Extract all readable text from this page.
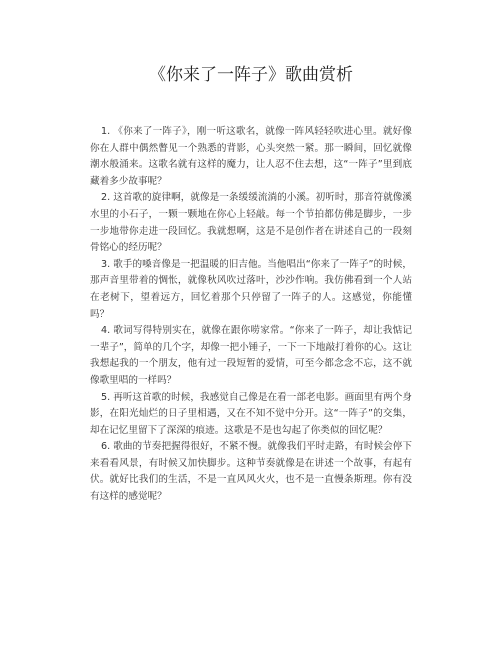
《你来了一阵子》歌曲赏析

1. 《你来了一阵子》，刚一听这歌名，就像一阵风轻轻吹进心里。就好像你在人群中偶然瞥见一个熟悉的背影，心头突然一紧。那一瞬间，回忆就像潮水般涌来。这歌名就有这样的魔力，让人忍不住去想，这“一阵子”里到底藏着多少故事呢？

2. 这首歌的旋律啊，就像是一条缓缓流淌的小溪。初听时，那音符就像溪水里的小石子，一颗一颗地在你心上轻敲。每一个节拍都仿佛是脚步，一步一步地带你走进一段回忆。我就想啊，这是不是创作者在讲述自己的一段刻骨铭心的经历呢？

3. 歌手的嗓音像是一把温暖的旧吉他。当他唱出“你来了一阵子”的时候，那声音里带着的惆怅，就像秋风吹过落叶，沙沙作响。我仿佛看到一个人站在老树下，望着远方，回忆着那个只停留了一阵子的人。这感觉，你能懂吗？

4. 歌词写得特别实在，就像在跟你唠家常。“你来了一阵子，却让我惦记一辈子”，简单的几个字，却像一把小锤子，一下一下地敲打着你的心。这让我想起我的一个朋友，他有过一段短暂的爱情，可至今都念念不忘，这不就像歌里唱的一样吗？

5. 再听这首歌的时候，我感觉自己像是在看一部老电影。画面里有两个身影，在阳光灿烂的日子里相遇，又在不知不觉中分开。这“一阵子”的交集，却在记忆里留下了深深的痕迹。这歌是不是也勾起了你类似的回忆呢？

6. 歌曲的节奏把握得很好，不紧不慢。就像我们平时走路，有时候会停下来看看风景，有时候又加快脚步。这种节奏就像是在讲述一个故事，有起有伏。就好比我们的生活，不是一直风风火火，也不是一直慢条斯理。你有没有这样的感觉呢？
